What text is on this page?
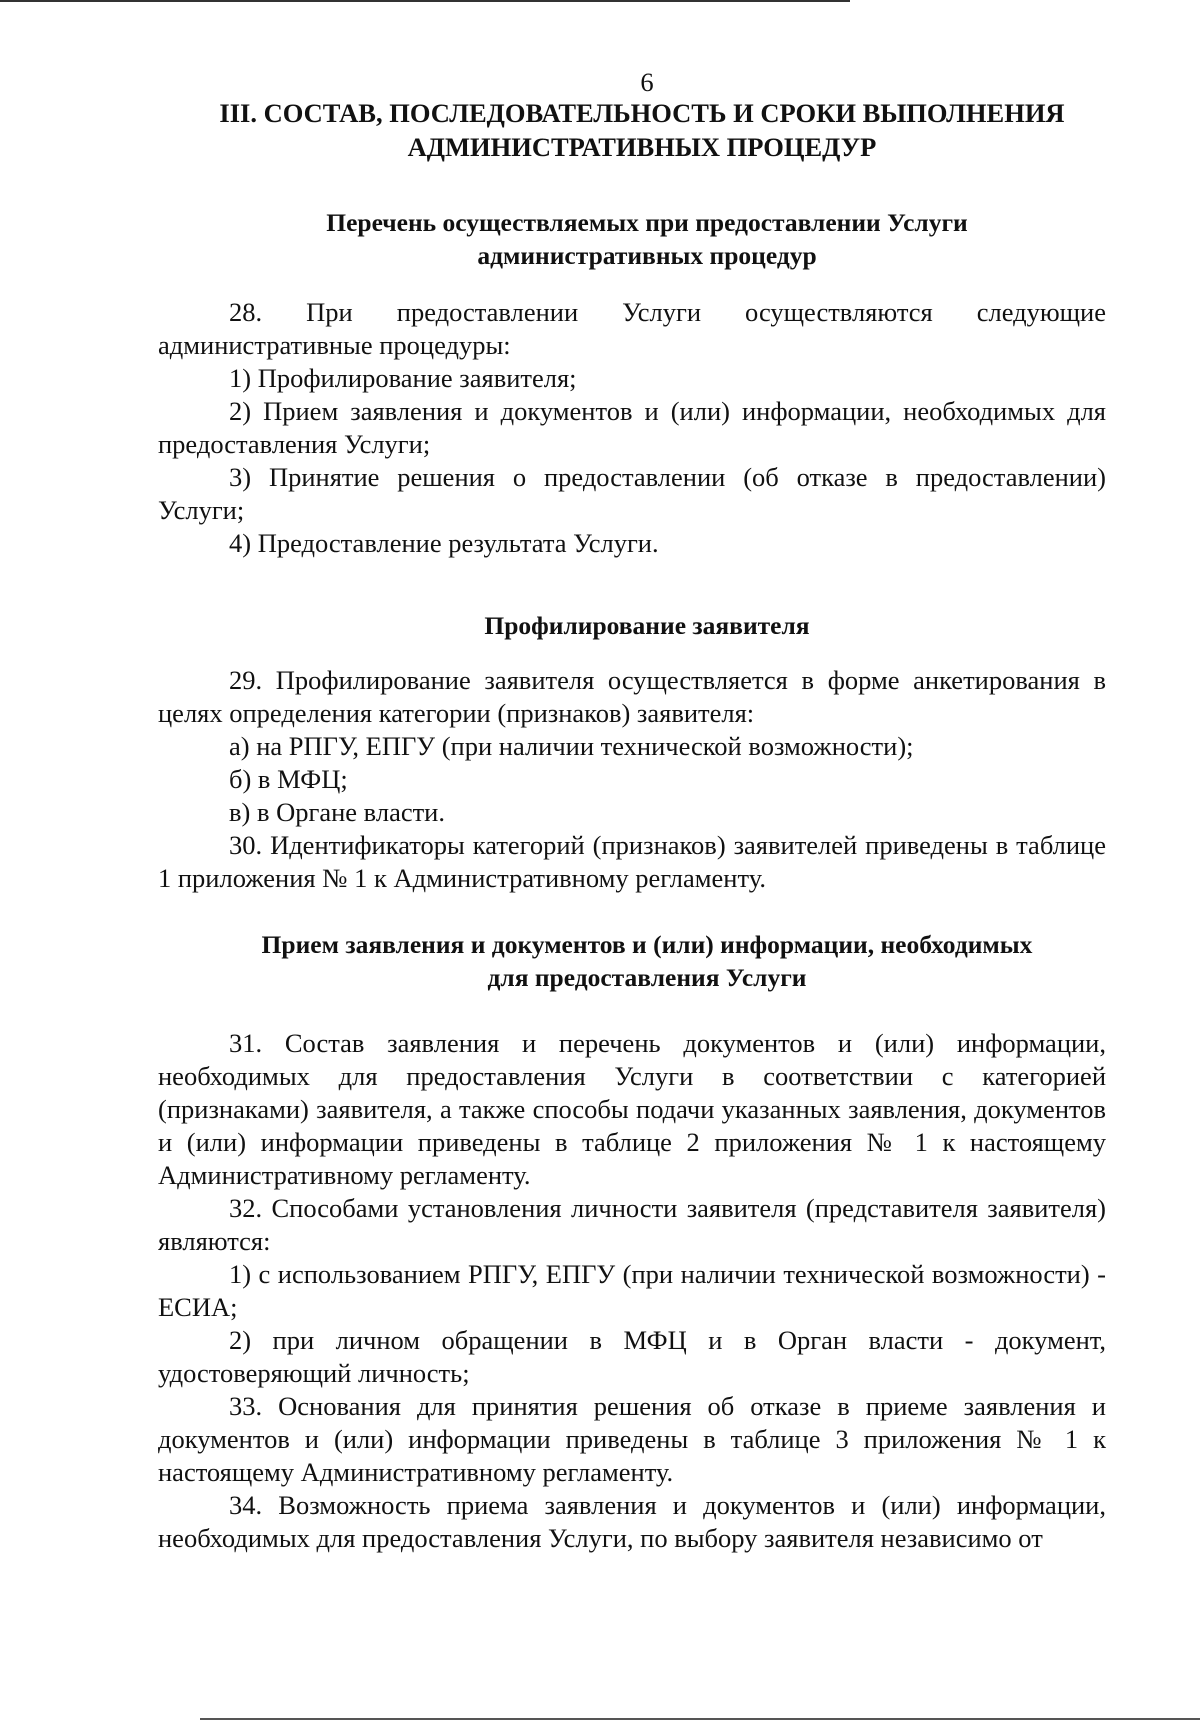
6
III. СОСТАВ, ПОСЛЕДОВАТЕЛЬНОСТЬ И СРОКИ ВЫПОЛНЕНИЯ
АДМИНИСТРАТИВНЫХ ПРОЦЕДУР
Перечень осуществляемых при предоставлении Услуги
административных процедур

28. При предоставлении Услуги осуществляются следующие административные процедуры:

1) Профилирование заявителя;

2) Прием заявления и документов и (или) информации, необходимых для предоставления Услуги;

3) Принятие решения о предоставлении (об отказе в предоставлении) Услуги;

4) Предоставление результата Услуги.

Профилирование заявителя

29. Профилирование заявителя осуществляется в форме анкетирования в целях определения категории (признаков) заявителя:

а) на РПГУ, ЕПГУ (при наличии технической возможности);

б) в МФЦ;

в) в Органе власти.

30. Идентификаторы категорий (признаков) заявителей приведены в таблице 1 приложения № 1 к Административному регламенту.

Прием заявления и документов и (или) информации, необходимых
для предоставления Услуги

31. Состав заявления и перечень документов и (или) информации, необходимых для предоставления Услуги в соответствии с категорией (признаками) заявителя, а также способы подачи указанных заявления, документов и (или) информации приведены в таблице 2 приложения № 1 к настоящему Административному регламенту.

32. Способами установления личности заявителя (представителя заявителя) являются:

1) с использованием РПГУ, ЕПГУ (при наличии технической возможности) - ЕСИА;

2) при личном обращении в МФЦ и в Орган власти - документ, удостоверяющий личность;

33. Основания для принятия решения об отказе в приеме заявления и документов и (или) информации приведены в таблице 3 приложения № 1 к настоящему Административному регламенту.

34. Возможность приема заявления и документов и (или) информации, необходимых для предоставления Услуги, по выбору заявителя независимо от
